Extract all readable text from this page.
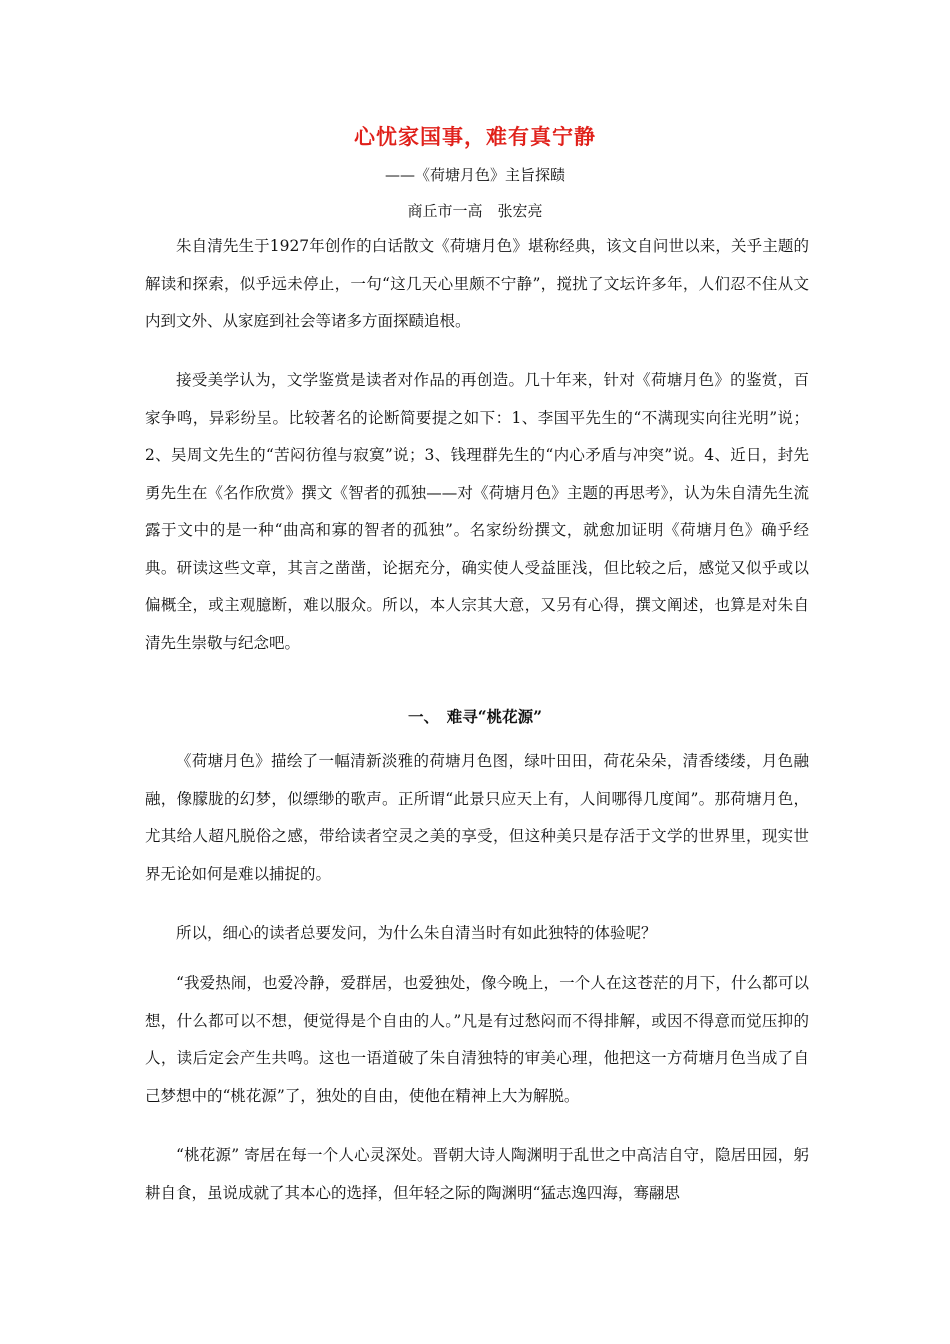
心忧家国事，难有真宁静
——《荷塘月色》主旨探赜
商丘市一高　张宏亮

朱自清先生于1927年创作的白话散文《荷塘月色》堪称经典，该文自问世以来，关乎主题的解读和探索，似乎远未停止，一句“这几天心里颇不宁静”，搅扰了文坛许多年，人们忍不住从文内到文外、从家庭到社会等诸多方面探赜追根。

接受美学认为，文学鉴赏是读者对作品的再创造。几十年来，针对《荷塘月色》的鉴赏，百家争鸣，异彩纷呈。比较著名的论断简要提之如下：1、李国平先生的“不满现实向往光明”说；2、吴周文先生的“苦闷彷徨与寂寞”说；3、钱理群先生的“内心矛盾与冲突”说。4、近日，封先勇先生在《名作欣赏》撰文《智者的孤独——对《荷塘月色》主题的再思考》，认为朱自清先生流露于文中的是一种“曲高和寡的智者的孤独”。名家纷纷撰文，就愈加证明《荷塘月色》确乎经典。研读这些文章，其言之凿凿，论据充分，确实使人受益匪浅，但比较之后，感觉又似乎或以偏概全，或主观臆断，难以服众。所以，本人宗其大意，又另有心得，撰文阐述，也算是对朱自清先生崇敬与纪念吧。

一、　难寻“桃花源”

《荷塘月色》描绘了一幅清新淡雅的荷塘月色图，绿叶田田，荷花朵朵，清香缕缕，月色融融，像朦胧的幻梦，似缥缈的歌声。正所谓“此景只应天上有，人间哪得几度闻”。那荷塘月色，尤其给人超凡脱俗之感，带给读者空灵之美的享受，但这种美只是存活于文学的世界里，现实世界无论如何是难以捕捉的。

所以，细心的读者总要发问，为什么朱自清当时有如此独特的体验呢？

“我爱热闹，也爱冷静，爱群居，也爱独处，像今晚上，一个人在这苍茫的月下，什么都可以想，什么都可以不想，便觉得是个自由的人。”凡是有过愁闷而不得排解，或因不得意而觉压抑的人，读后定会产生共鸣。这也一语道破了朱自清独特的审美心理，他把这一方荷塘月色当成了自己梦想中的“桃花源”了，独处的自由，使他在精神上大为解脱。

“桃花源” 寄居在每一个人心灵深处。晋朝大诗人陶渊明于乱世之中高洁自守，隐居田园，躬耕自食，虽说成就了其本心的选择，但年轻之际的陶渊明“猛志逸四海，骞翮思
